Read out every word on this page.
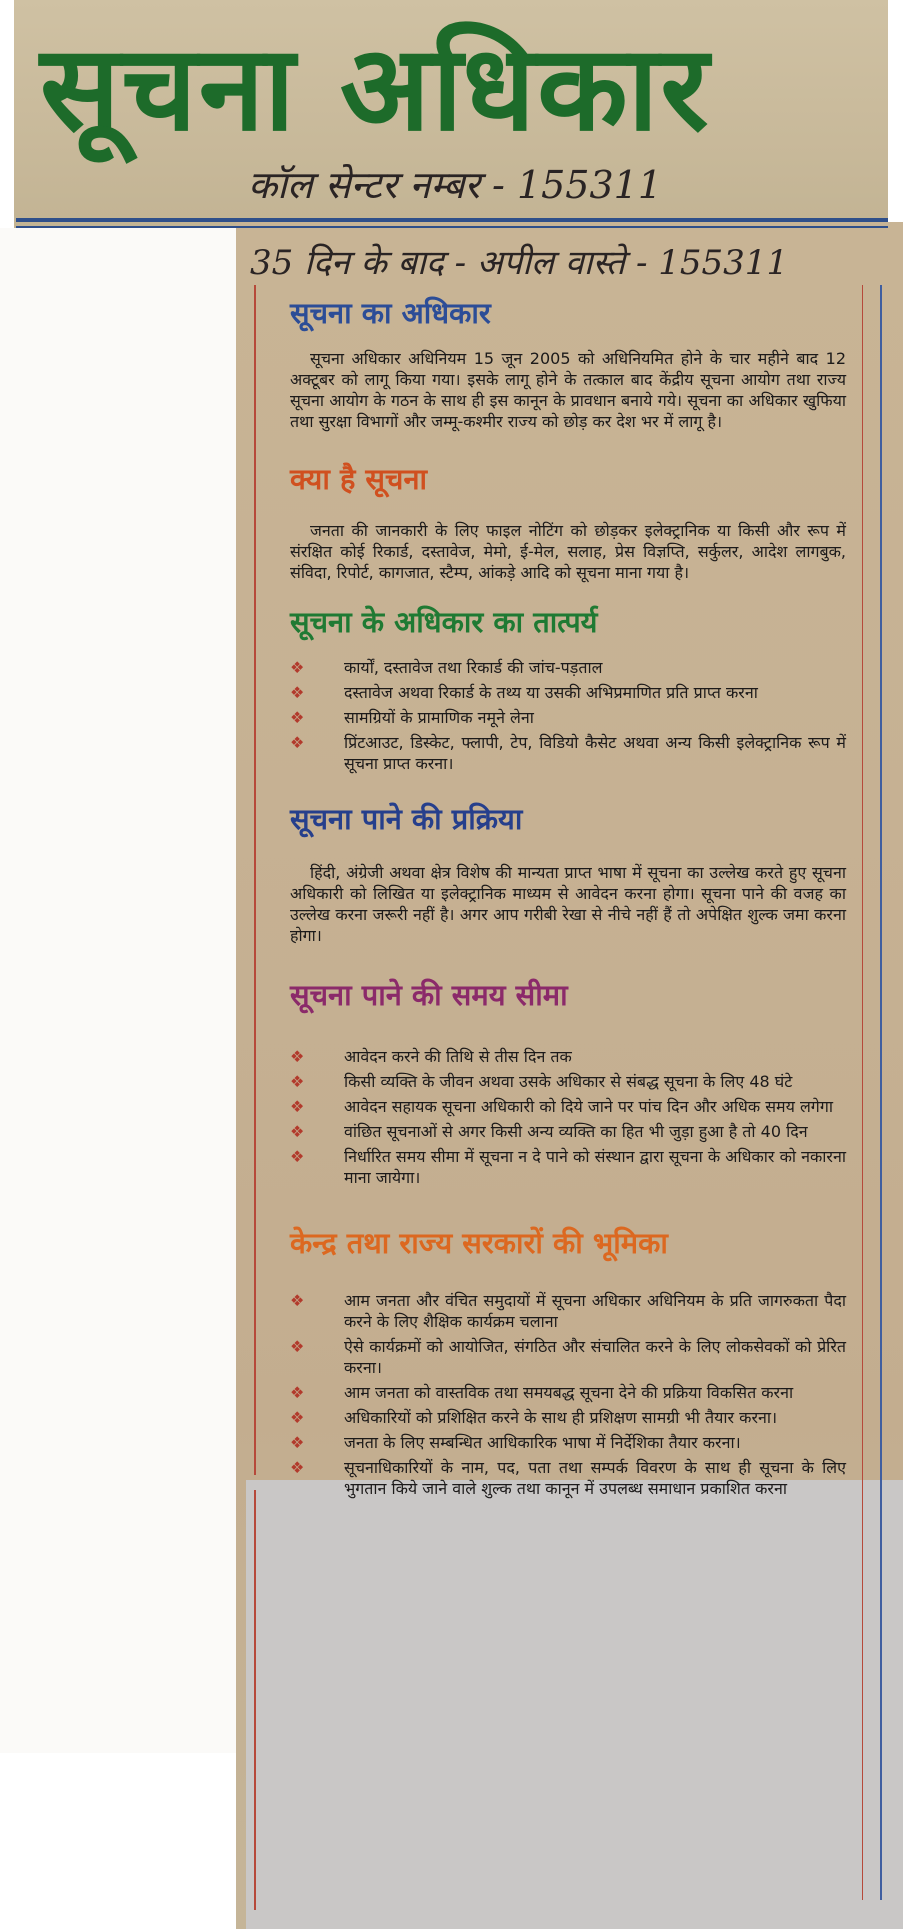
सूचना अधिकार
कॉल सेन्टर नम्बर - 155311
35 दिन के बाद - अपील वास्ते - 155311
सूचना का अधिकार

सूचना अधिकार अधिनियम 15 जून 2005 को अधिनियमित होने के चार महीने बाद 12 अक्टूबर को लागू किया गया। इसके लागू होने के तत्काल बाद केंद्रीय सूचना आयोग तथा राज्य सूचना आयोग के गठन के साथ ही इस कानून के प्रावधान बनाये गये। सूचना का अधिकार खुफिया तथा सुरक्षा विभागों और जम्मू-कश्मीर राज्य को छोड़ कर देश भर में लागू है।

क्या है सूचना

जनता की जानकारी के लिए फाइल नोटिंग को छोड़कर इलेक्ट्रानिक या किसी और रूप में संरक्षित कोई रिकार्ड, दस्तावेज, मेमो, ई-मेल, सलाह, प्रेस विज्ञप्ति, सर्कुलर, आदेश लागबुक, संविदा, रिपोर्ट, कागजात, स्टैम्प, आंकड़े आदि को सूचना माना गया है।

सूचना के अधिकार का तात्पर्य
❖ कार्यों, दस्तावेज तथा रिकार्ड की जांच-पड़ताल
❖ दस्तावेज अथवा रिकार्ड के तथ्य या उसकी अभिप्रमाणित प्रति प्राप्त करना
❖ सामग्रियों के प्रामाणिक नमूने लेना
❖ प्रिंटआउट, डिस्केट, फ्लापी, टेप, विडियो कैसेट अथवा अन्य किसी इलेक्ट्रानिक रूप में सूचना प्राप्त करना।
सूचना पाने की प्रक्रिया

हिंदी, अंग्रेजी अथवा क्षेत्र विशेष की मान्यता प्राप्त भाषा में सूचना का उल्लेख करते हुए सूचना अधिकारी को लिखित या इलेक्ट्रानिक माध्यम से आवेदन करना होगा। सूचना पाने की वजह का उल्लेख करना जरूरी नहीं है। अगर आप गरीबी रेखा से नीचे नहीं हैं तो अपेक्षित शुल्क जमा करना होगा।

सूचना पाने की समय सीमा
❖ आवेदन करने की तिथि से तीस दिन तक
❖ किसी व्यक्ति के जीवन अथवा उसके अधिकार से संबद्ध सूचना के लिए 48 घंटे
❖ आवेदन सहायक सूचना अधिकारी को दिये जाने पर पांच दिन और अधिक समय लगेगा
❖ वांछित सूचनाओं से अगर किसी अन्य व्यक्ति का हित भी जुड़ा हुआ है तो 40 दिन
❖ निर्धारित समय सीमा में सूचना न दे पाने को संस्थान द्वारा सूचना के अधिकार को नकारना माना जायेगा।
केन्द्र तथा राज्य सरकारों की भूमिका
❖ आम जनता और वंचित समुदायों में सूचना अधिकार अधिनियम के प्रति जागरुकता पैदा करने के लिए शैक्षिक कार्यक्रम चलाना
❖ ऐसे कार्यक्रमों को आयोजित, संगठित और संचालित करने के लिए लोकसेवकों को प्रेरित करना।
❖ आम जनता को वास्तविक तथा समयबद्ध सूचना देने की प्रक्रिया विकसित करना
❖ अधिकारियों को प्रशिक्षित करने के साथ ही प्रशिक्षण सामग्री भी तैयार करना।
❖ जनता के लिए सम्बन्धित आधिकारिक भाषा में निर्देशिका तैयार करना।
❖ सूचनाधिकारियों के नाम, पद, पता तथा सम्पर्क विवरण के साथ ही सूचना के लिए भुगतान किये जाने वाले शुल्क तथा कानून में उपलब्ध समाधान प्रकाशित करना
